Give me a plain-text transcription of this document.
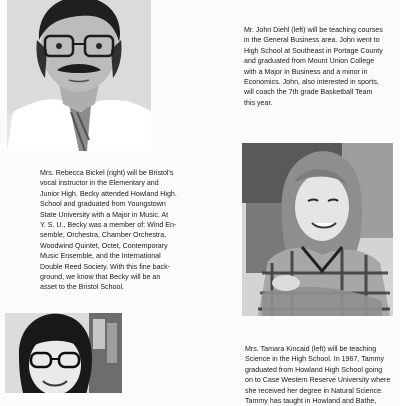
Mr. John Diehl (left) will be teaching courses
in the General Business area. John went to
High School at Southeast in Portage County
and graduated from Mount Union College
with a Major in Business and a minor in
Economics. John, also interested in sports,
will coach the 7th grade Basketball Team
this year.

Mrs. Rebecca Bickel (right) will be Bristol's
vocal instructor in the Elementary and
Junior High. Becky attended Howland High.
School and graduated from Youngstown
State University with a Major in Music. At
Y. S. U., Becky was a member of: Wind En-
semble, Orchestra, Chamber Orchestra,
Woodwind Quintet, Octet, Contemporary
Music Ensemble, and the International
Double Reed Society. With this fine back-
ground, we know that Becky will be an
asset to the Bristol School.

Mrs. Tamara Kincaid (left) will be teaching
Science in the High School. In 1967, Tammy
graduated from Howland High School going
on to Case Western Reserve University where
she received her degree in Natural Science.
Tammy has taught in Howland and Bathe,
